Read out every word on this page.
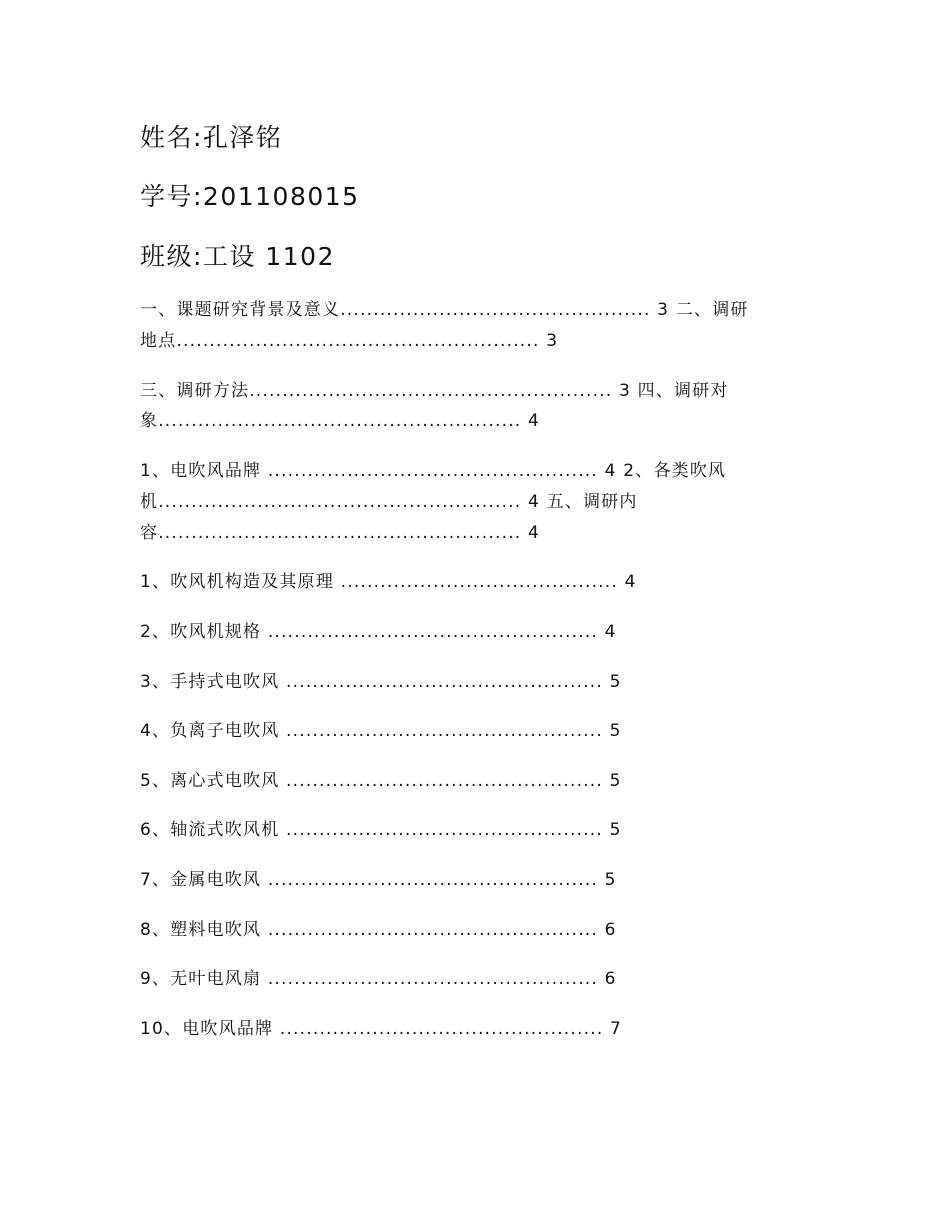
姓名:孔泽铭
学号:201108015
班级:工设 1102
一、课题研究背景及意义............................................... 3 二、调研
地点....................................................... 3
三、调研方法....................................................... 3 四、调研对
象....................................................... 4
1、电吹风品牌 .................................................. 4 2、各类吹风
机....................................................... 4 五、调研内
容....................................................... 4
1、吹风机构造及其原理 .......................................... 4
2、吹风机规格 .................................................. 4
3、手持式电吹风 ................................................ 5
4、负离子电吹风 ................................................ 5
5、离心式电吹风 ................................................ 5
6、轴流式吹风机 ................................................ 5
7、金属电吹风 .................................................. 5
8、塑料电吹风 .................................................. 6
9、无叶电风扇 .................................................. 6
10、电吹风品牌 ................................................. 7
